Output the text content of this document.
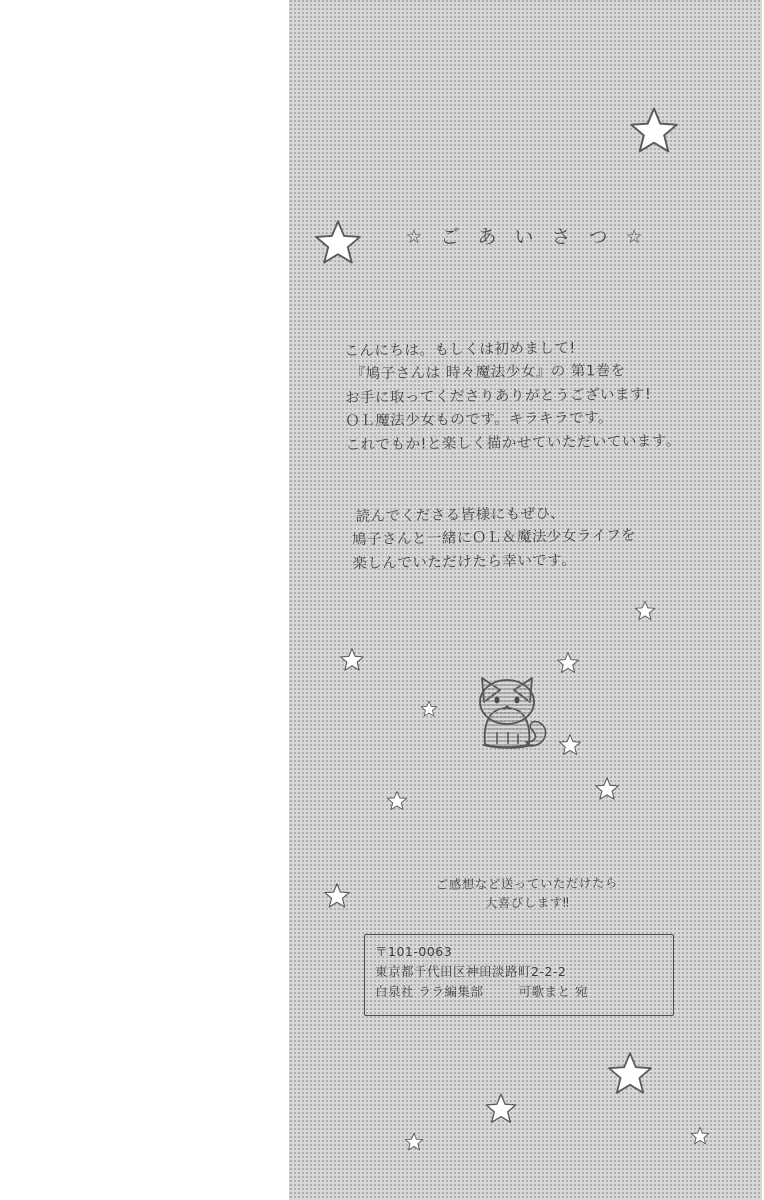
☆ ご あ い さ つ ☆
こんにちは。もしくは初めまして!
『鳩子さんは 時々魔法少女』の 第1巻を
お手に取ってくださりありがとうございます!
ＯＬ魔法少女ものです。キラキラです。
これでもか!と楽しく描かせていただいています。
読んでくださる皆様にもぜひ、
鳩子さんと一緒にＯＬ＆魔法少女ライフを
楽しんでいただけたら幸いです。
ご感想など送っていただけたら
大喜びします‼
〒101-0063
東京都千代田区神田淡路町2-2-2
白泉社 ララ編集部	可歌まと 宛
